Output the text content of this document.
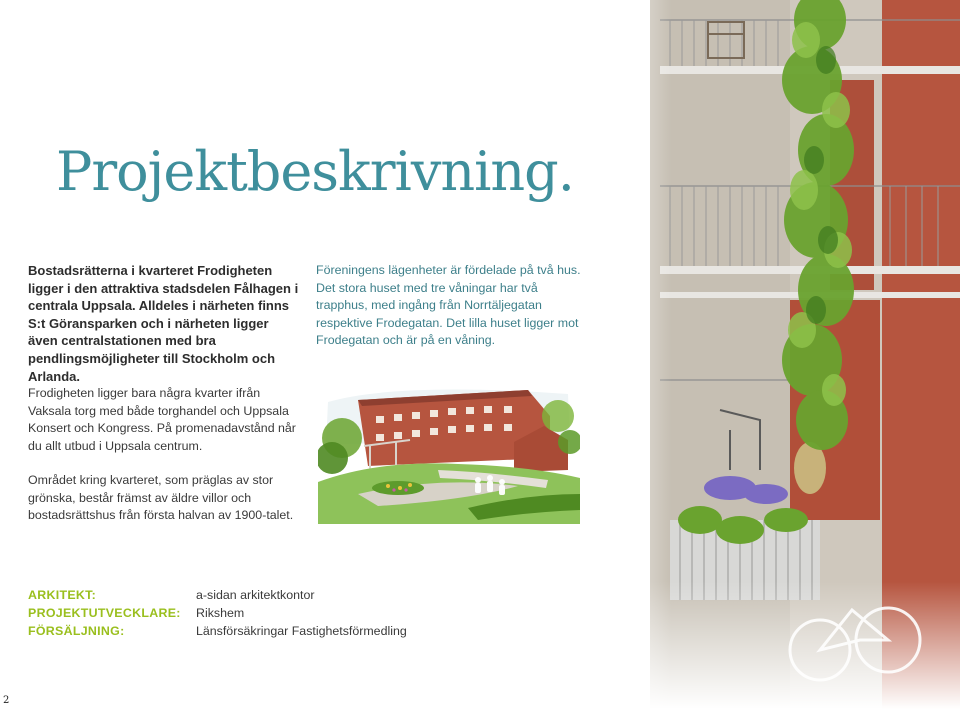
Projektbeskrivning.
Bostadsrätterna i kvarteret Frodigheten ligger i den attraktiva stadsdelen Fålhagen i centrala Uppsala. Alldeles i närheten finns S:t Göransparken och i närheten ligger även centralstationen med bra pendlingsmöjligheter till Stockholm och Arlanda.
Föreningens lägenheter är fördelade på två hus. Det stora huset med tre våningar har två trapphus, med ingång från Norrtäljegatan respektive Frodegatan. Det lilla huset ligger mot Frodegatan och är på en våning.
Frodigheten ligger bara några kvarter ifrån Vaksala torg med både torghandel och Uppsala Konsert och Kongress. På promenadavstånd når du allt utbud i Uppsala centrum.
Området kring kvarteret, som präglas av stor grönska, består främst av äldre villor och bostadsrättshus från första halvan av 1900-talet.
ARKITEKT:	a-sidan arkitektkontor
PROJEKTUTVECKLARE:	Rikshem
FÖRSÄLJNING:	Länsförsäkringar Fastighetsförmedling
2
